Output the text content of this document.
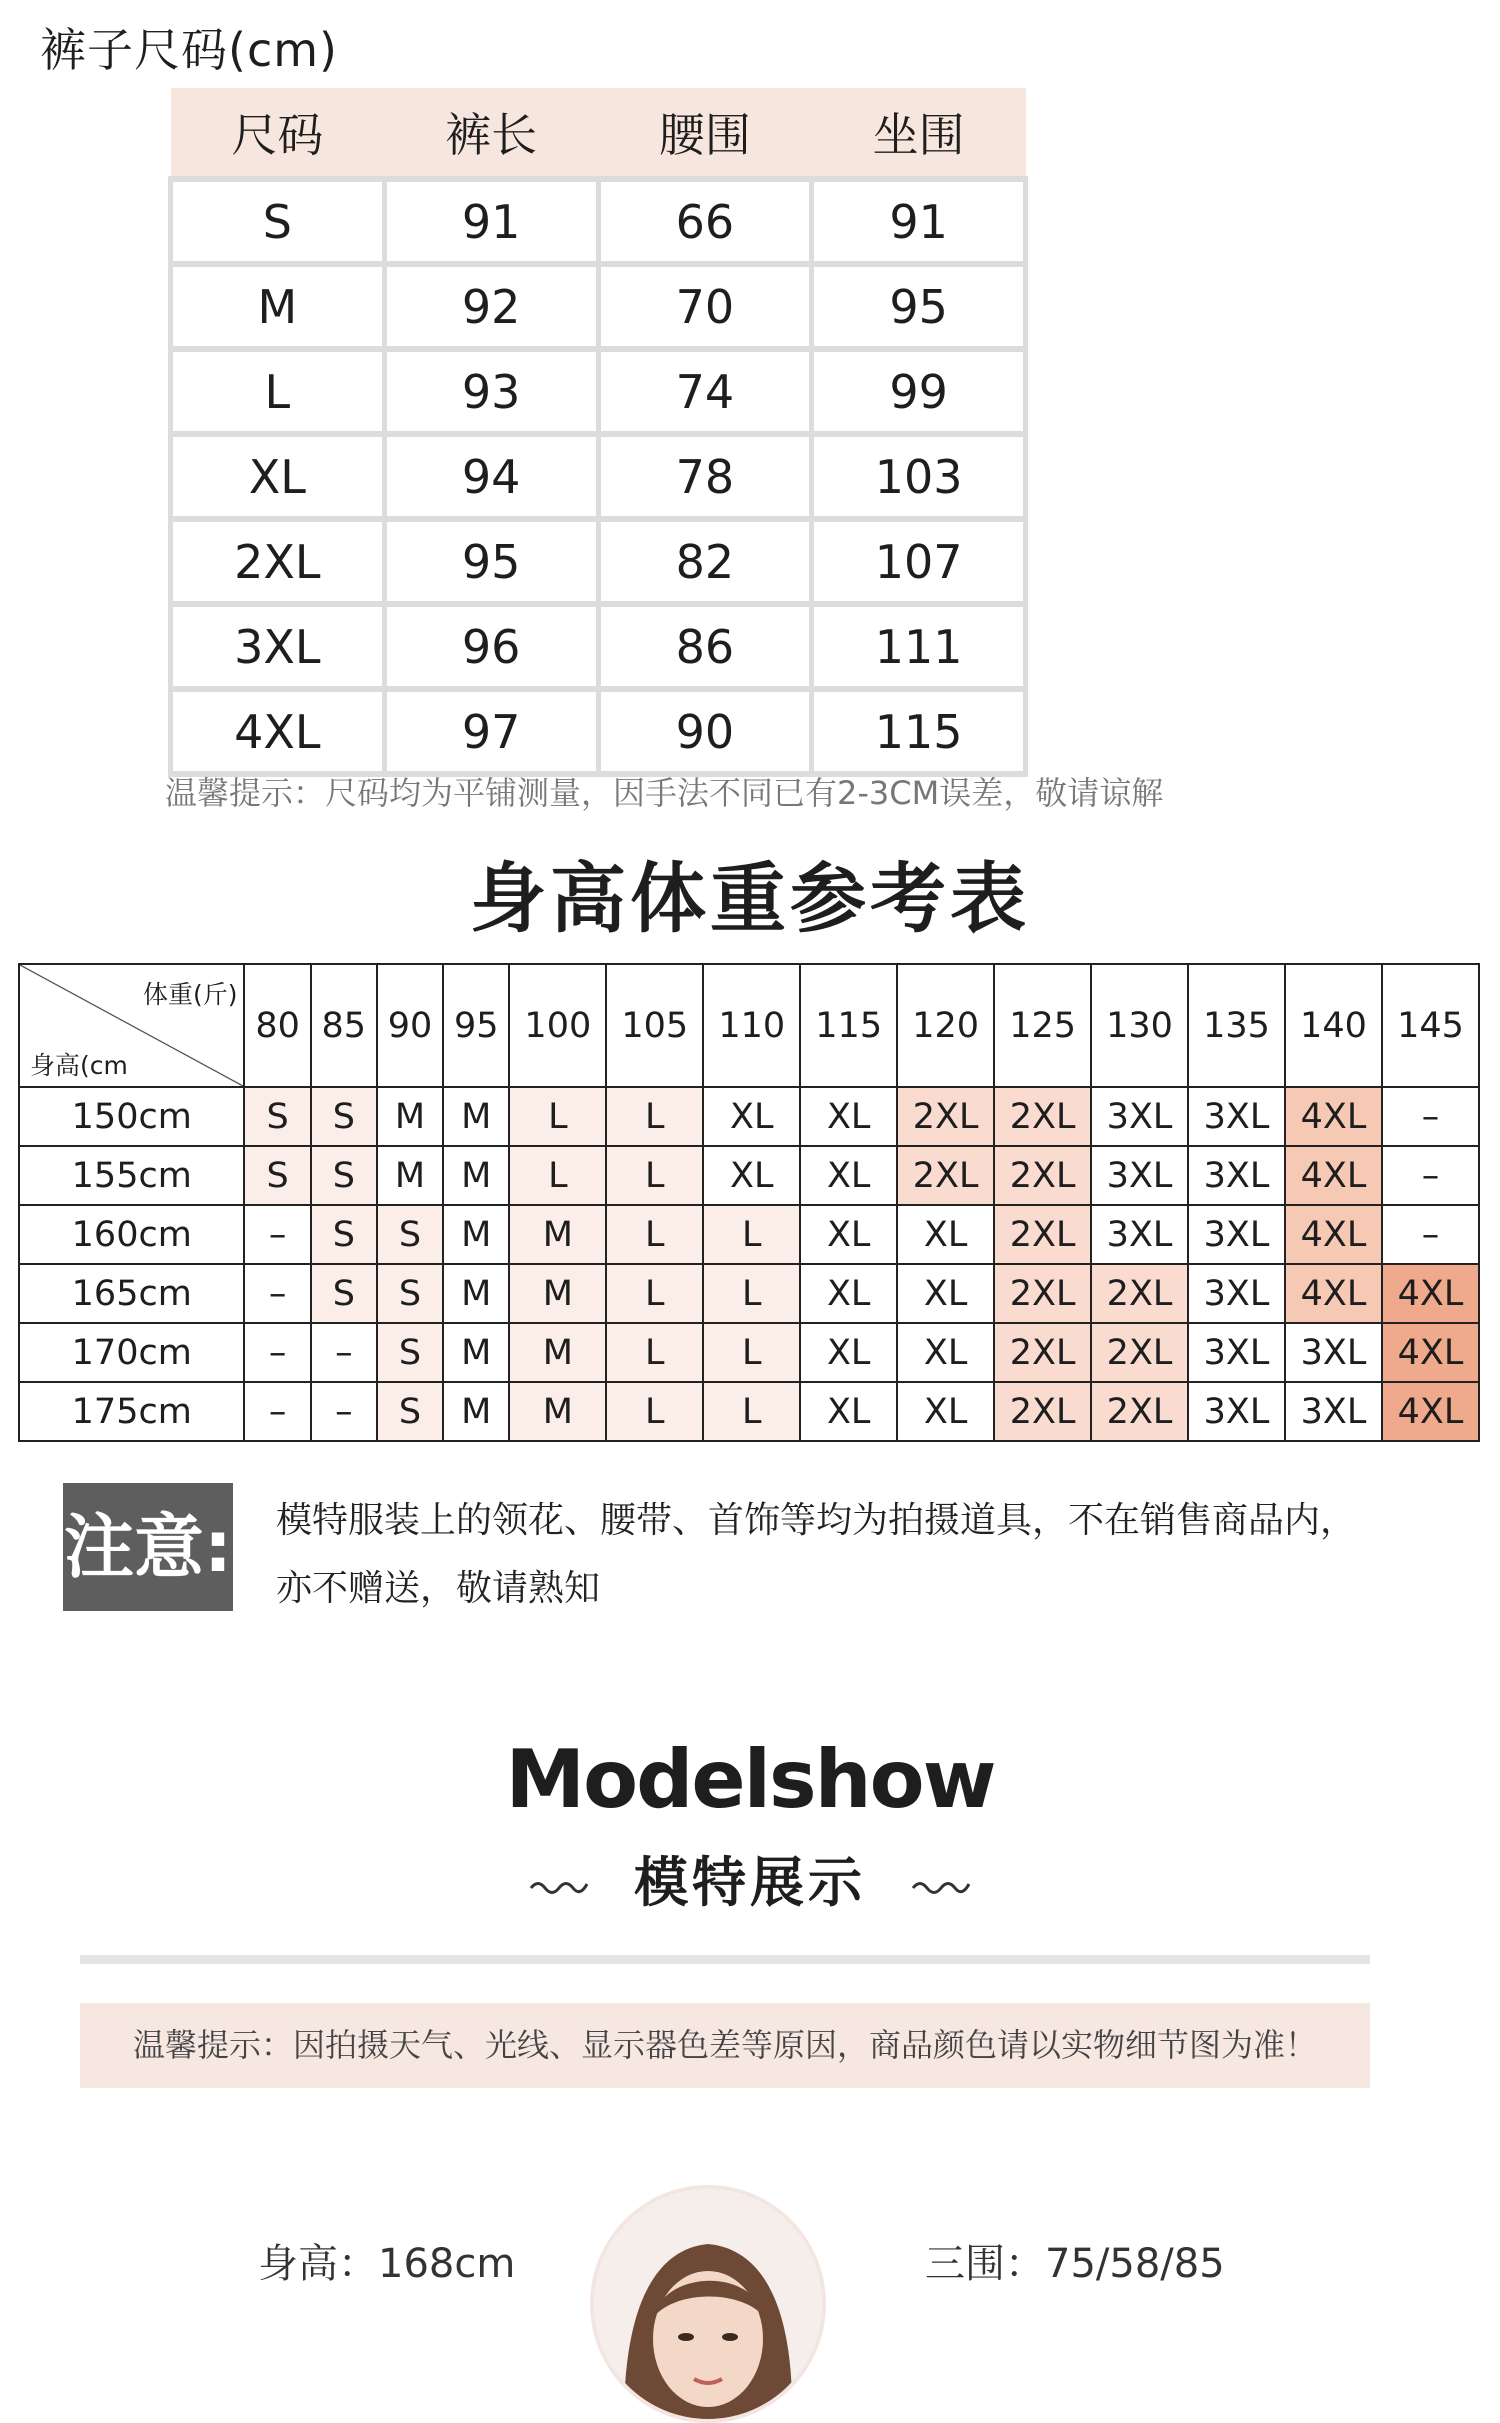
裤子尺码(cm)
尺码	裤长	腰围	坐围
S	91	66	91
M	92	70	95
L	93	74	99
XL	94	78	103
2XL	95	82	107
3XL	96	86	111
4XL	97	90	115
温馨提示：尺码均为平铺测量，因手法不同已有2-3CM误差，敬请谅解
身高体重参考表
体重(斤)
身高(cm	80	85	90	95	100	105	110	115	120	125	130	135	140	145
150cm	S	S	M	M	L	L	XL	XL	2XL	2XL	3XL	3XL	4XL	–
155cm	S	S	M	M	L	L	XL	XL	2XL	2XL	3XL	3XL	4XL	–
160cm	–	S	S	M	M	L	L	XL	XL	2XL	3XL	3XL	4XL	–
165cm	–	S	S	M	M	L	L	XL	XL	2XL	2XL	3XL	4XL	4XL
170cm	–	–	S	M	M	L	L	XL	XL	2XL	2XL	3XL	3XL	4XL
175cm	–	–	S	M	M	L	L	XL	XL	2XL	2XL	3XL	3XL	4XL
注意: 模特服装上的领花、腰带、首饰等均为拍摄道具，不在销售商品内，
亦不赠送，敬请熟知
Modelshow
模特展示
温馨提示：因拍摄天气、光线、显示器色差等原因，商品颜色请以实物细节图为准！
身高：168cm	三围：75/58/85
